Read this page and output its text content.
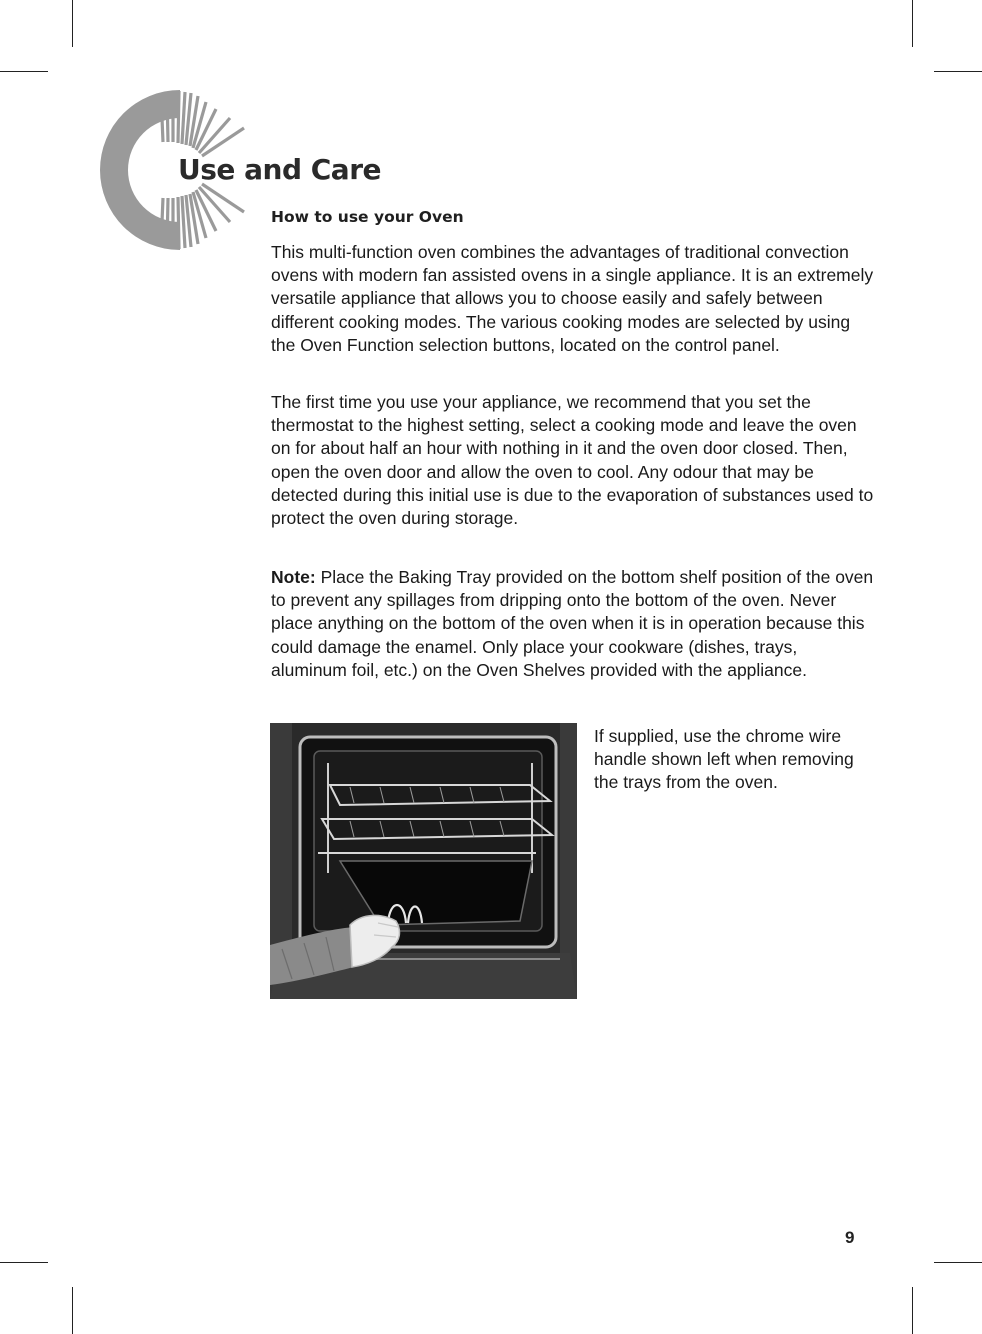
Use and Care
How to use your Oven

This multi-function oven combines the advantages of traditional convection ovens with modern fan assisted ovens in a single appliance. It is an extremely versatile appliance that allows you to choose easily and safely between different cooking modes. The various cooking modes are selected by using the Oven Function selection buttons, located on the control panel.

The first time you use your appliance, we recommend that you set the thermostat to the highest setting, select a cooking mode and leave the oven on for about half an hour with nothing in it and the oven door closed. Then, open the oven door and allow the oven to cool. Any odour that may be detected during this initial use is due to the evaporation of substances used to protect the oven during storage.

Note: Place the Baking Tray provided on the bottom shelf position of the oven to prevent any spillages from dripping onto the bottom of the oven. Never place anything on the bottom of the oven when it is in operation because this could damage the enamel. Only place your cookware (dishes, trays, aluminum foil, etc.) on the Oven Shelves provided with the appliance.

If supplied, use the chrome wire handle shown left when removing the trays from the oven.

9
